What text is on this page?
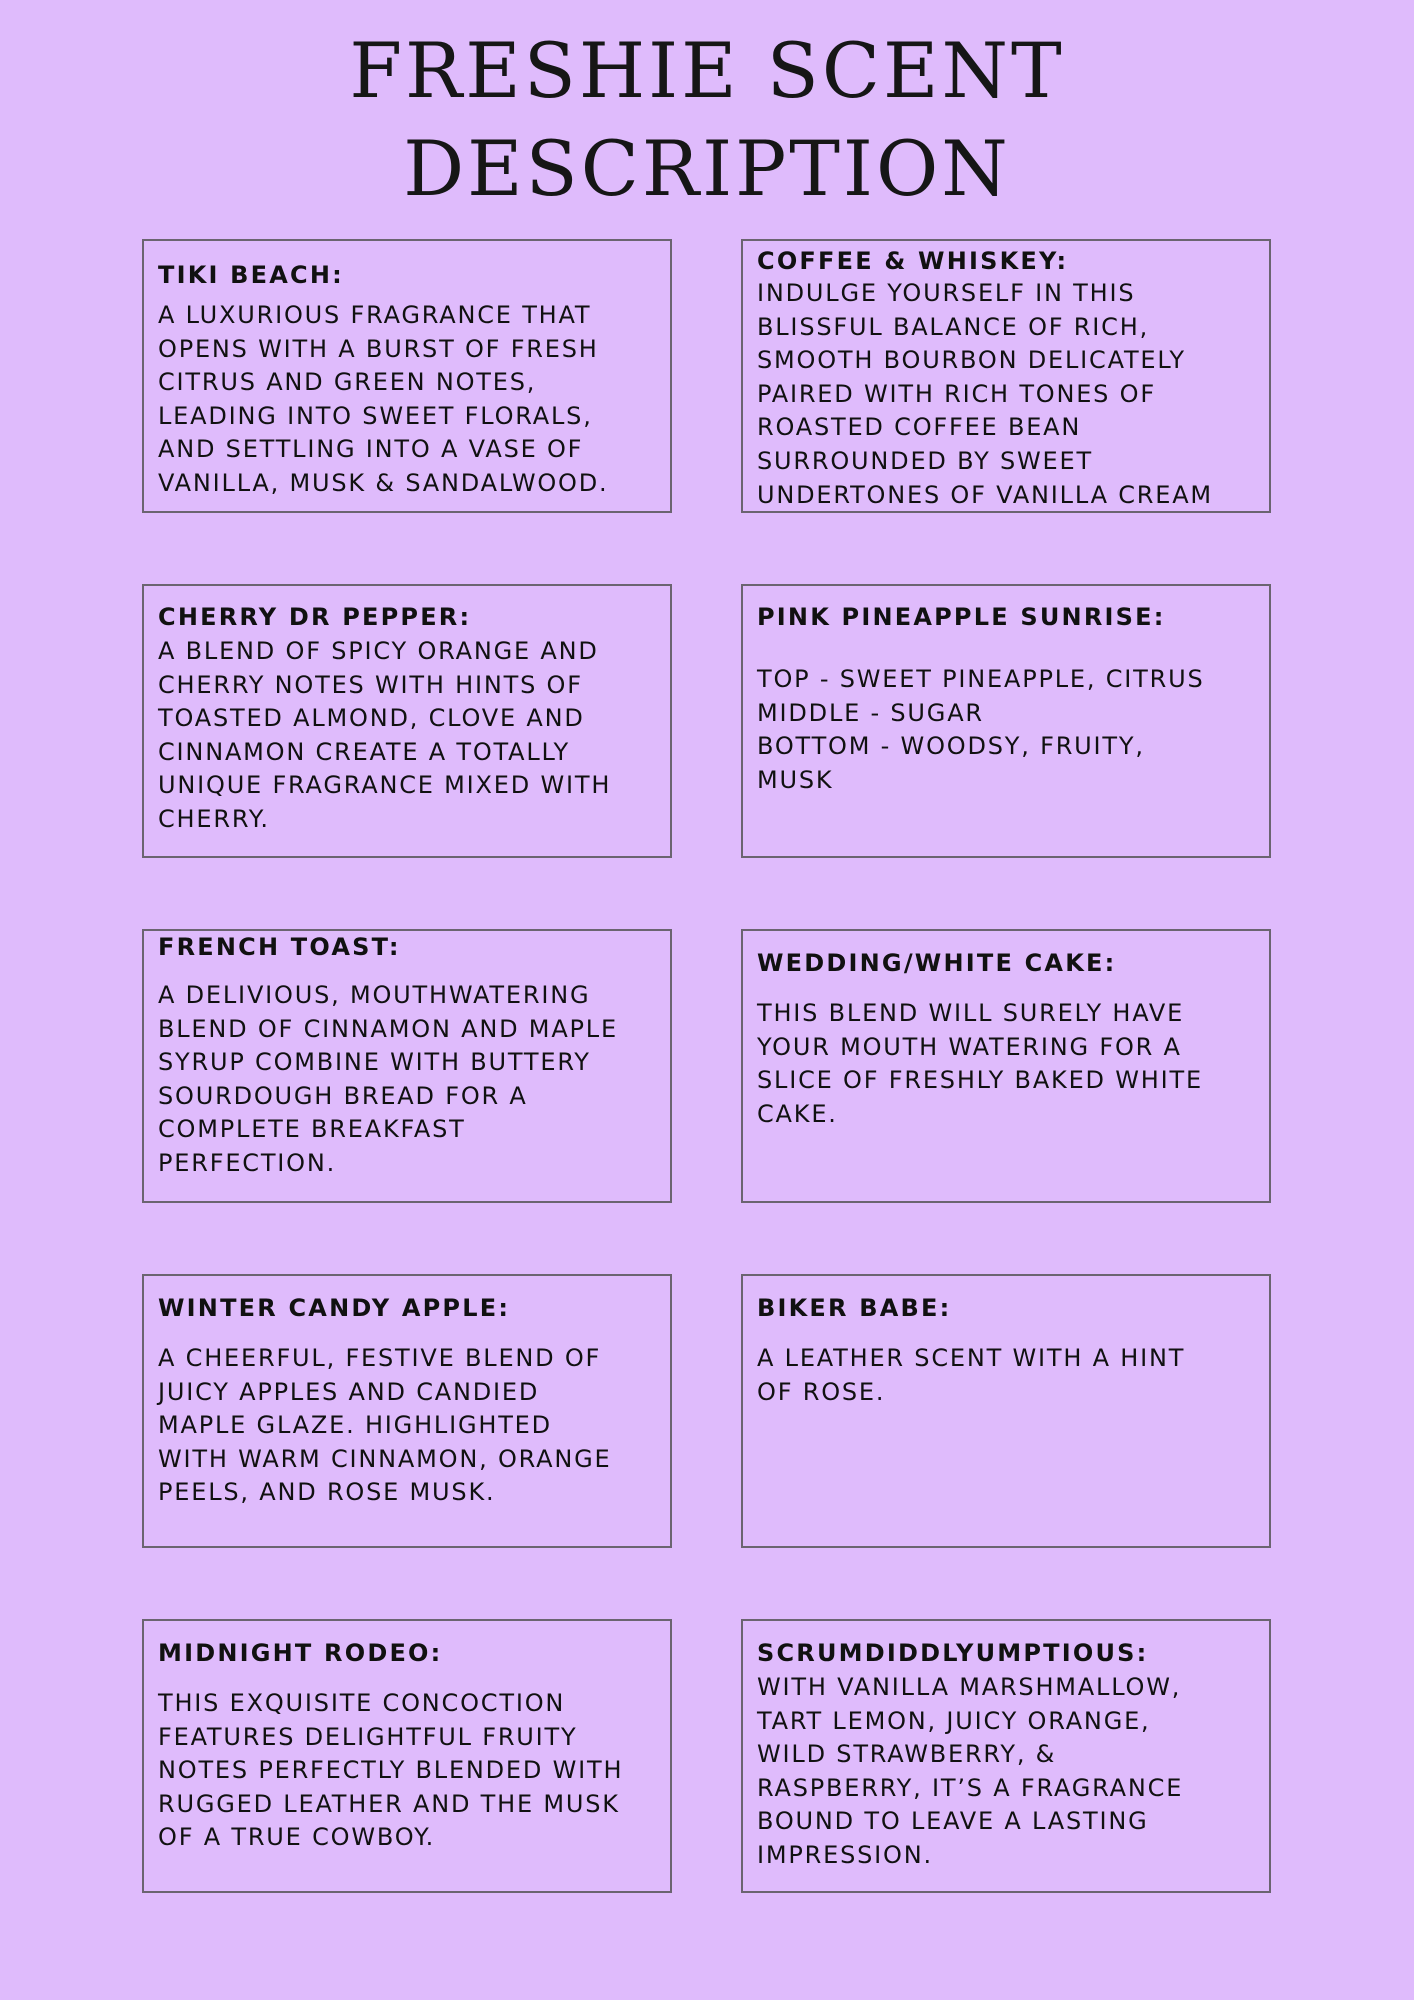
FRESHIE SCENT
DESCRIPTION

TIKI BEACH:

A LUXURIOUS FRAGRANCE THAT
OPENS WITH A BURST OF FRESH
CITRUS AND GREEN NOTES,
LEADING INTO SWEET FLORALS,
AND SETTLING INTO A VASE OF
VANILLA, MUSK & SANDALWOOD.

COFFEE & WHISKEY:

INDULGE YOURSELF IN THIS
BLISSFUL BALANCE OF RICH,
SMOOTH BOURBON DELICATELY
PAIRED WITH RICH TONES OF
ROASTED COFFEE BEAN
SURROUNDED BY SWEET
UNDERTONES OF VANILLA CREAM

CHERRY DR PEPPER:

A BLEND OF SPICY ORANGE AND
CHERRY NOTES WITH HINTS OF
TOASTED ALMOND, CLOVE AND
CINNAMON CREATE A TOTALLY
UNIQUE FRAGRANCE MIXED WITH
CHERRY.

PINK PINEAPPLE SUNRISE:

TOP - SWEET PINEAPPLE, CITRUS
MIDDLE - SUGAR
BOTTOM - WOODSY, FRUITY,
MUSK

FRENCH TOAST:

A DELIVIOUS, MOUTHWATERING
BLEND OF CINNAMON AND MAPLE
SYRUP COMBINE WITH BUTTERY
SOURDOUGH BREAD FOR A
COMPLETE BREAKFAST
PERFECTION.

WEDDING/WHITE CAKE:

THIS BLEND WILL SURELY HAVE
YOUR MOUTH WATERING FOR A
SLICE OF FRESHLY BAKED WHITE
CAKE.

WINTER CANDY APPLE:

A CHEERFUL, FESTIVE BLEND OF
JUICY APPLES AND CANDIED
MAPLE GLAZE. HIGHLIGHTED
WITH WARM CINNAMON, ORANGE
PEELS, AND ROSE MUSK.

BIKER BABE:

A LEATHER SCENT WITH A HINT
OF ROSE.

MIDNIGHT RODEO:

THIS EXQUISITE CONCOCTION
FEATURES DELIGHTFUL FRUITY
NOTES PERFECTLY BLENDED WITH
RUGGED LEATHER AND THE MUSK
OF A TRUE COWBOY.

SCRUMDIDDLYUMPTIOUS:

WITH VANILLA MARSHMALLOW,
TART LEMON, JUICY ORANGE,
WILD STRAWBERRY, &
RASPBERRY, IT’S A FRAGRANCE
BOUND TO LEAVE A LASTING
IMPRESSION.
